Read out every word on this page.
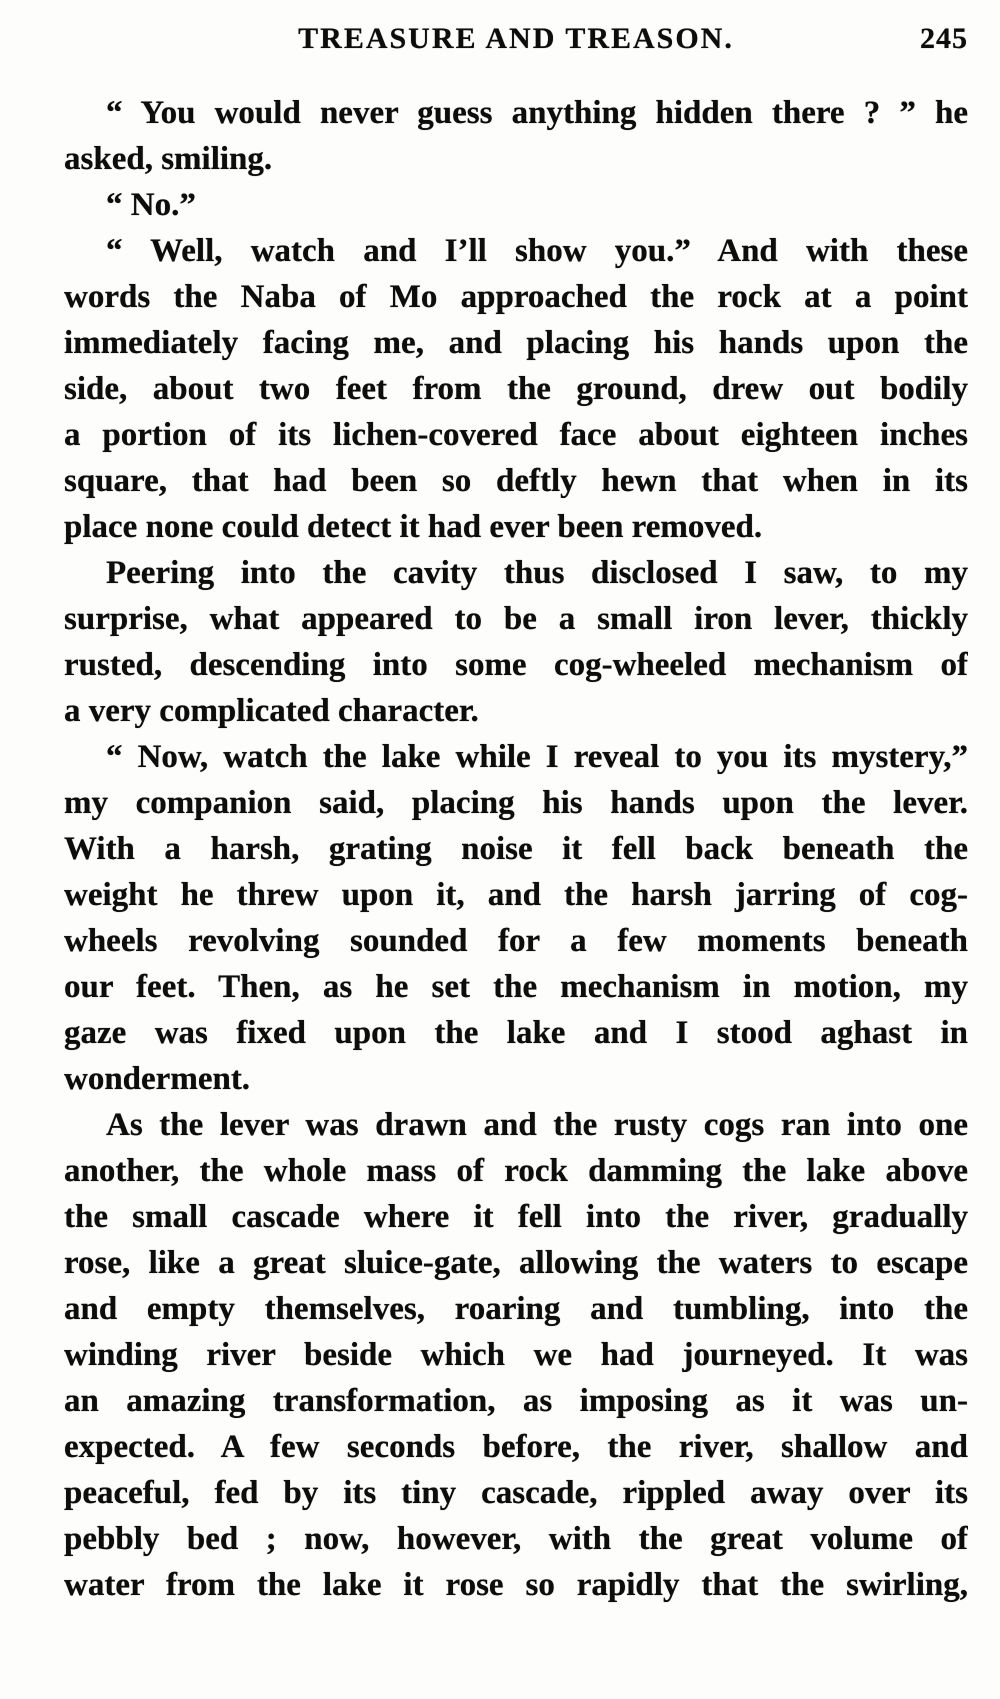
TREASURE AND TREASON.	245
“ You would never guess anything hidden there ? ” he
asked, smiling.
“ No.”
“ Well, watch and I’ll show you.” And with these
words the Naba of Mo approached the rock at a point
immediately facing me, and placing his hands upon the
side, about two feet from the ground, drew out bodily
a portion of its lichen-covered face about eighteen inches
square, that had been so deftly hewn that when in its
place none could detect it had ever been removed.
Peering into the cavity thus disclosed I saw, to my
surprise, what appeared to be a small iron lever, thickly
rusted, descending into some cog-wheeled mechanism of
a very complicated character.
“ Now, watch the lake while I reveal to you its mystery,”
my companion said, placing his hands upon the lever.
With a harsh, grating noise it fell back beneath the
weight he threw upon it, and the harsh jarring of cog-
wheels revolving sounded for a few moments beneath
our feet. Then, as he set the mechanism in motion, my
gaze was fixed upon the lake and I stood aghast in
wonderment.
As the lever was drawn and the rusty cogs ran into one
another, the whole mass of rock damming the lake above
the small cascade where it fell into the river, gradually
rose, like a great sluice-gate, allowing the waters to escape
and empty themselves, roaring and tumbling, into the
winding river beside which we had journeyed. It was
an amazing transformation, as imposing as it was un-
expected. A few seconds before, the river, shallow and
peaceful, fed by its tiny cascade, rippled away over its
pebbly bed ; now, however, with the great volume of
water from the lake it rose so rapidly that the swirling,
